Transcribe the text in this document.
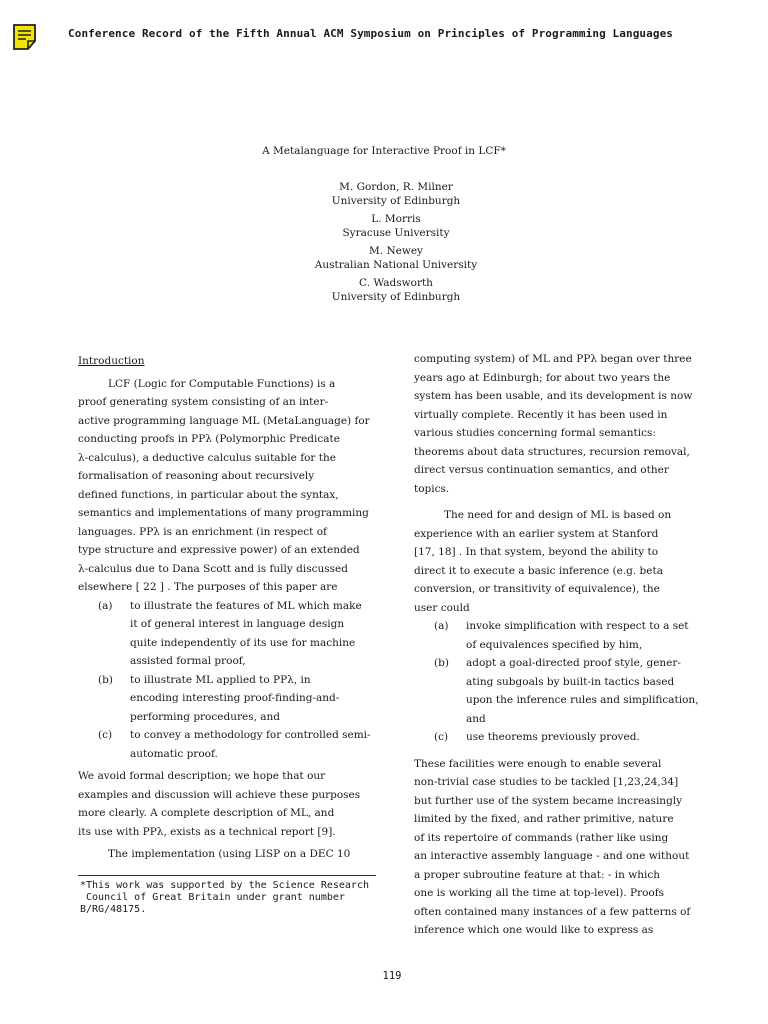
Conference Record of the Fifth Annual ACM Symposium on Principles of Programming Languages
A Metalanguage for Interactive Proof in LCF*
M. Gordon, R. Milner
University of Edinburgh
L. Morris
Syracuse University
M. Newey
Australian National University
C. Wadsworth
University of Edinburgh
Introduction
LCF (Logic for Computable Functions) is a
proof generating system consisting of an inter-
active programming language ML (MetaLanguage) for
conducting proofs in PPλ (Polymorphic Predicate
λ-calculus), a deductive calculus suitable for the
formalisation of reasoning about recursively
defined functions, in particular about the syntax,
semantics and implementations of many programming
languages. PPλ is an enrichment (in respect of
type structure and expressive power) of an extended
λ-calculus due to Dana Scott and is fully discussed
elsewhere [ 22 ] . The purposes of this paper are
(a)	to illustrate the features of ML which make
it of general interest in language design
quite independently of its use for machine
assisted formal proof,
(b)	to illustrate ML applied to PPλ, in
encoding interesting proof-finding-and-
performing procedures, and
(c)	to convey a methodology for controlled semi-
automatic proof.
We avoid formal description; we hope that our
examples and discussion will achieve these purposes
more clearly. A complete description of ML, and
its use with PPλ, exists as a technical report [9].
The implementation (using LISP on a DEC 10
*This work was supported by the Science Research
Council of Great Britain under grant number
B/RG/48175.
computing system) of ML and PPλ began over three
years ago at Edinburgh; for about two years the
system has been usable, and its development is now
virtually complete. Recently it has been used in
various studies concerning formal semantics:
theorems about data structures, recursion removal,
direct versus continuation semantics, and other
topics.
The need for and design of ML is based on
experience with an earlier system at Stanford
[17, 18] . In that system, beyond the ability to
direct it to execute a basic inference (e.g. beta
conversion, or transitivity of equivalence), the
user could
(a)	invoke simplification with respect to a set
of equivalences specified by him,
(b)	adopt a goal-directed proof style, gener-
ating subgoals by built-in tactics based
upon the inference rules and simplification,
and
(c)	use theorems previously proved.
These facilities were enough to enable several
non-trivial case studies to be tackled [1,23,24,34]
but further use of the system became increasingly
limited by the fixed, and rather primitive, nature
of its repertoire of commands (rather like using
an interactive assembly language - and one without
a proper subroutine feature at that: - in which
one is working all the time at top-level). Proofs
often contained many instances of a few patterns of
inference which one would like to express as
119
